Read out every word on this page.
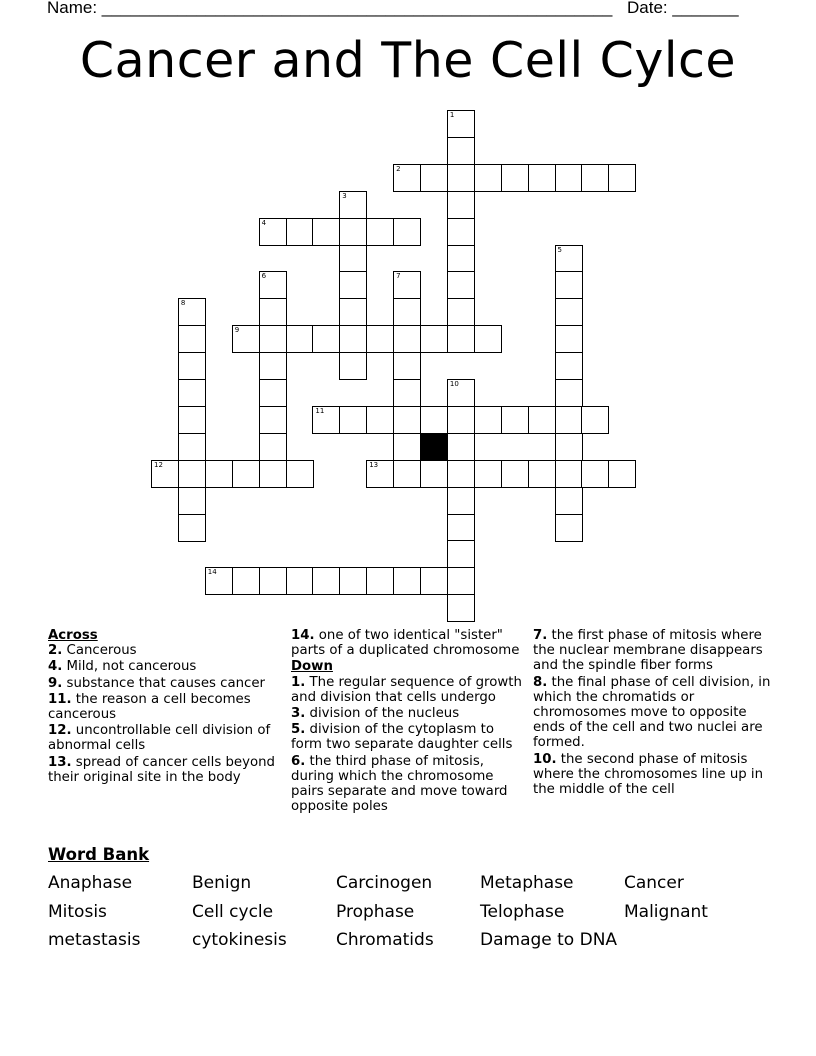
Name: ______________________________________________________ Date: _______
Cancer and The Cell Cylce
1
2
3
4
5
6	7
8
9
10
11
12	13
14
Across
2. Cancerous
4. Mild, not cancerous
9. substance that causes cancer
11. the reason a cell becomes cancerous
12. uncontrollable cell division of abnormal cells
13. spread of cancer cells beyond their original site in the body
14. one of two identical "sister" parts of a duplicated chromosome
Down
1. The regular sequence of growth and division that cells undergo
3. division of the nucleus
5. division of the cytoplasm to form two separate daughter cells
6. the third phase of mitosis, during which the chromosome pairs separate and move toward opposite poles
7. the first phase of mitosis where the nuclear membrane disappears and the spindle fiber forms
8. the final phase of cell division, in which the chromatids or chromosomes move to opposite ends of the cell and two nuclei are formed.
10. the second phase of mitosis where the chromosomes line up in the middle of the cell
Word Bank
Anaphase	Benign	Carcinogen	Metaphase	Cancer
Mitosis	Cell cycle	Prophase	Telophase	Malignant
metastasis	cytokinesis	Chromatids	Damage to DNA
